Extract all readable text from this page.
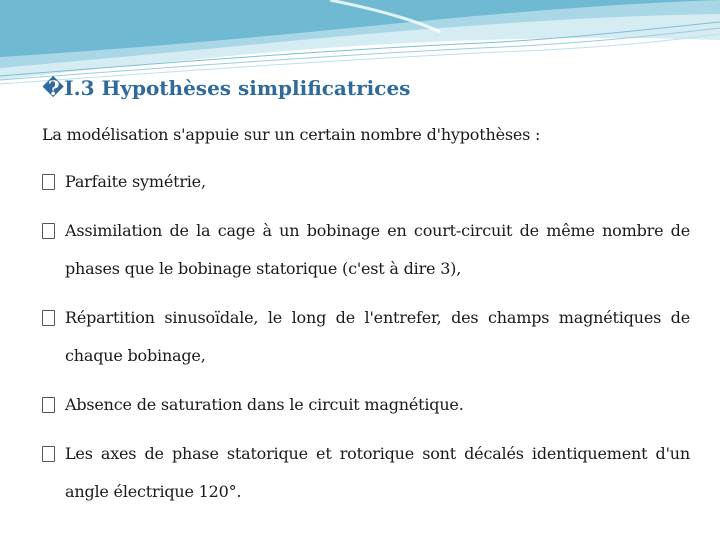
�I.3 Hypothèses simplificatrices
La modélisation s'appuie sur un certain nombre d'hypothèses :
Parfaite symétrie,
Assimilation de la cage à un bobinage en court-circuit de même nombre de phases que le bobinage statorique (c'est à dire 3),
Répartition sinusoïdale, le long de l'entrefer, des champs magnétiques de chaque bobinage,
Absence de saturation dans le circuit magnétique.
Les axes de phase statorique et rotorique sont décalés identiquement d'un angle électrique 120°.
